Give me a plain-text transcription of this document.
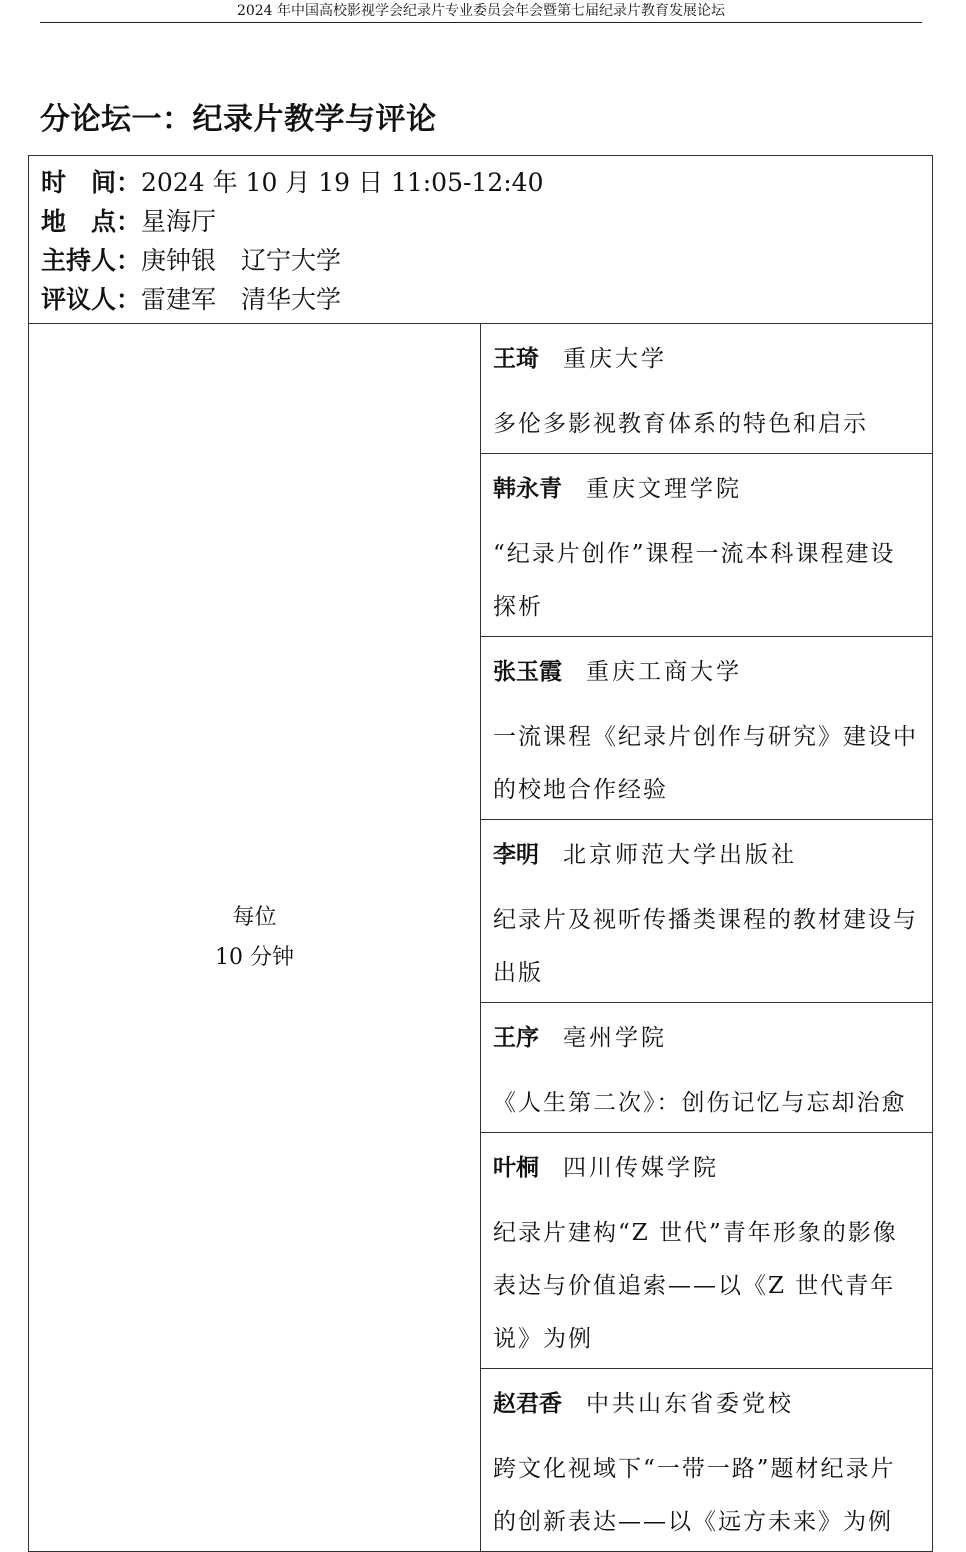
2024 年中国高校影视学会纪录片专业委员会年会暨第七届纪录片教育发展论坛
分论坛一：纪录片教学与评论
时　间：2024 年 10 月 19 日 11:05-12:40
地　点：星海厅
主持人：庚钟银　辽宁大学
评议人：雷建军　清华大学

每位
10 分钟

王琦 重庆大学
多伦多影视教育体系的特色和启示

韩永青 重庆文理学院
“纪录片创作”课程一流本科课程建设探析

张玉霞 重庆工商大学
一流课程《纪录片创作与研究》建设中的校地合作经验

李明 北京师范大学出版社
纪录片及视听传播类课程的教材建设与出版

王序 亳州学院
《人生第二次》：创伤记忆与忘却治愈

叶桐 四川传媒学院
纪录片建构“Z 世代”青年形象的影像表达与价值追索——以《Z 世代青年说》为例

赵君香 中共山东省委党校
跨文化视域下“一带一路”题材纪录片的创新表达——以《远方未来》为例
